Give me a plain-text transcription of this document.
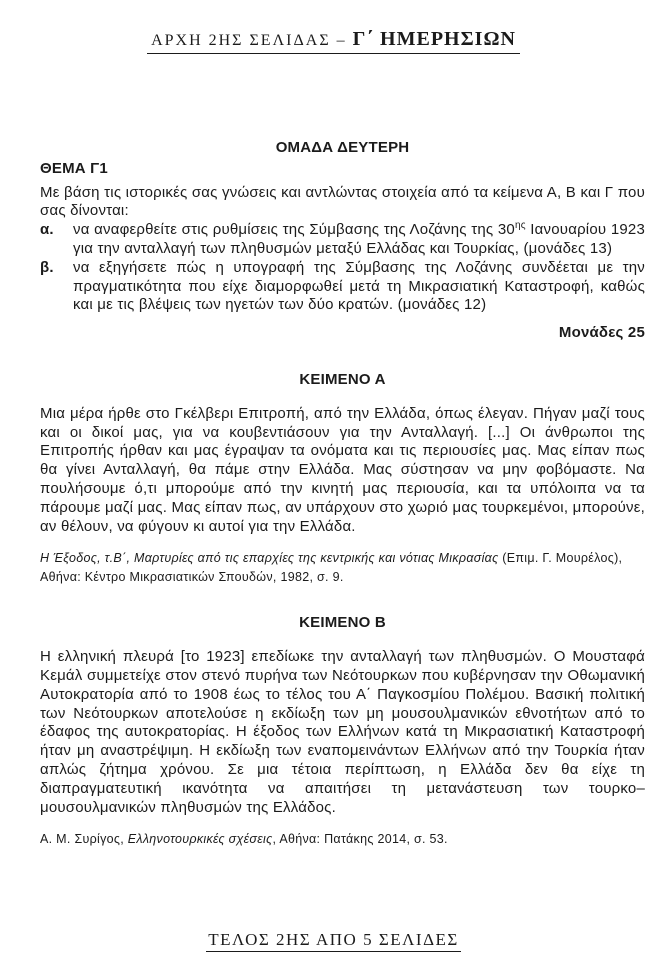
ΑΡΧΗ 2ΗΣ ΣΕΛΙΔΑΣ – Γ΄ ΗΜΕΡΗΣΙΩΝ
ΟΜΑΔΑ ΔΕΥΤΕΡΗ
ΘΕΜΑ Γ1

Με βάση τις ιστορικές σας γνώσεις και αντλώντας στοιχεία από τα κείμενα Α, Β και Γ που σας δίνονται:

α.	να αναφερθείτε στις ρυθμίσεις της Σύμβασης της Λοζάνης της $30^{\eta\varsigma}$ Ιανουαρίου 1923 για την ανταλλαγή των πληθυσμών μεταξύ Ελλάδας και Τουρκίας, (μονάδες 13)
β.	να εξηγήσετε πώς η υπογραφή της Σύμβασης της Λοζάνης συνδέεται με την πραγματικότητα που είχε διαμορφωθεί μετά τη Μικρασιατική Καταστροφή, καθώς και με τις βλέψεις των ηγετών των δύο κρατών. (μονάδες 12)
Μονάδες 25
ΚΕΙΜΕΝΟ Α

Μια μέρα ήρθε στο Γκέλβερι Επιτροπή, από την Ελλάδα, όπως έλεγαν. Πήγαν μαζί τους και οι δικοί μας, για να κουβεντιάσουν για την Ανταλλαγή. [...] Οι άνθρωποι της Επιτροπής ήρθαν και μας έγραψαν τα ονόματα και τις περιουσίες μας. Μας είπαν πως θα γίνει Ανταλλαγή, θα πάμε στην Ελλάδα. Μας σύστησαν να μην φοβόμαστε. Να πουλήσουμε ό,τι μπορούμε από την κινητή μας περιουσία, και τα υπόλοιπα να τα πάρουμε μαζί μας. Μας είπαν πως, αν υπάρχουν στο χωριό μας τουρκεμένοι, μπορούνε, αν θέλουν, να φύγουν κι αυτοί για την Ελλάδα.

Η Έξοδος, τ.Β΄, Μαρτυρίες από τις επαρχίες της κεντρικής και νότιας Μικρασίας (Επιμ. Γ. Μουρέλος), Αθήνα: Κέντρο Μικρασιατικών Σπουδών, 1982, σ. 9.

ΚΕΙΜΕΝΟ Β

Η ελληνική πλευρά [το 1923] επεδίωκε την ανταλλαγή των πληθυσμών. Ο Μουσταφά Κεμάλ συμμετείχε στον στενό πυρήνα των Νεότουρκων που κυβέρνησαν την Οθωμανική Αυτοκρατορία από το 1908 έως το τέλος του Α΄ Παγκοσμίου Πολέμου. Βασική πολιτική των Νεότουρκων αποτελούσε η εκδίωξη των μη μουσουλμανικών εθνοτήτων από το έδαφος της αυτοκρατορίας. Η έξοδος των Ελλήνων κατά τη Μικρασιατική Καταστροφή ήταν μη αναστρέψιμη. Η εκδίωξη των εναπομεινάντων Ελλήνων από την Τουρκία ήταν απλώς ζήτημα χρόνου. Σε μια τέτοια περίπτωση, η Ελλάδα δεν θα είχε τη διαπραγματευτική ικανότητα να απαιτήσει τη μετανάστευση των τουρκο–μουσουλμανικών πληθυσμών της Ελλάδος.

Α. Μ. Συρίγος, Ελληνοτουρκικές σχέσεις, Αθήνα: Πατάκης 2014, σ. 53.

ΤΕΛΟΣ 2ΗΣ ΑΠΟ 5 ΣΕΛΙΔΕΣ
